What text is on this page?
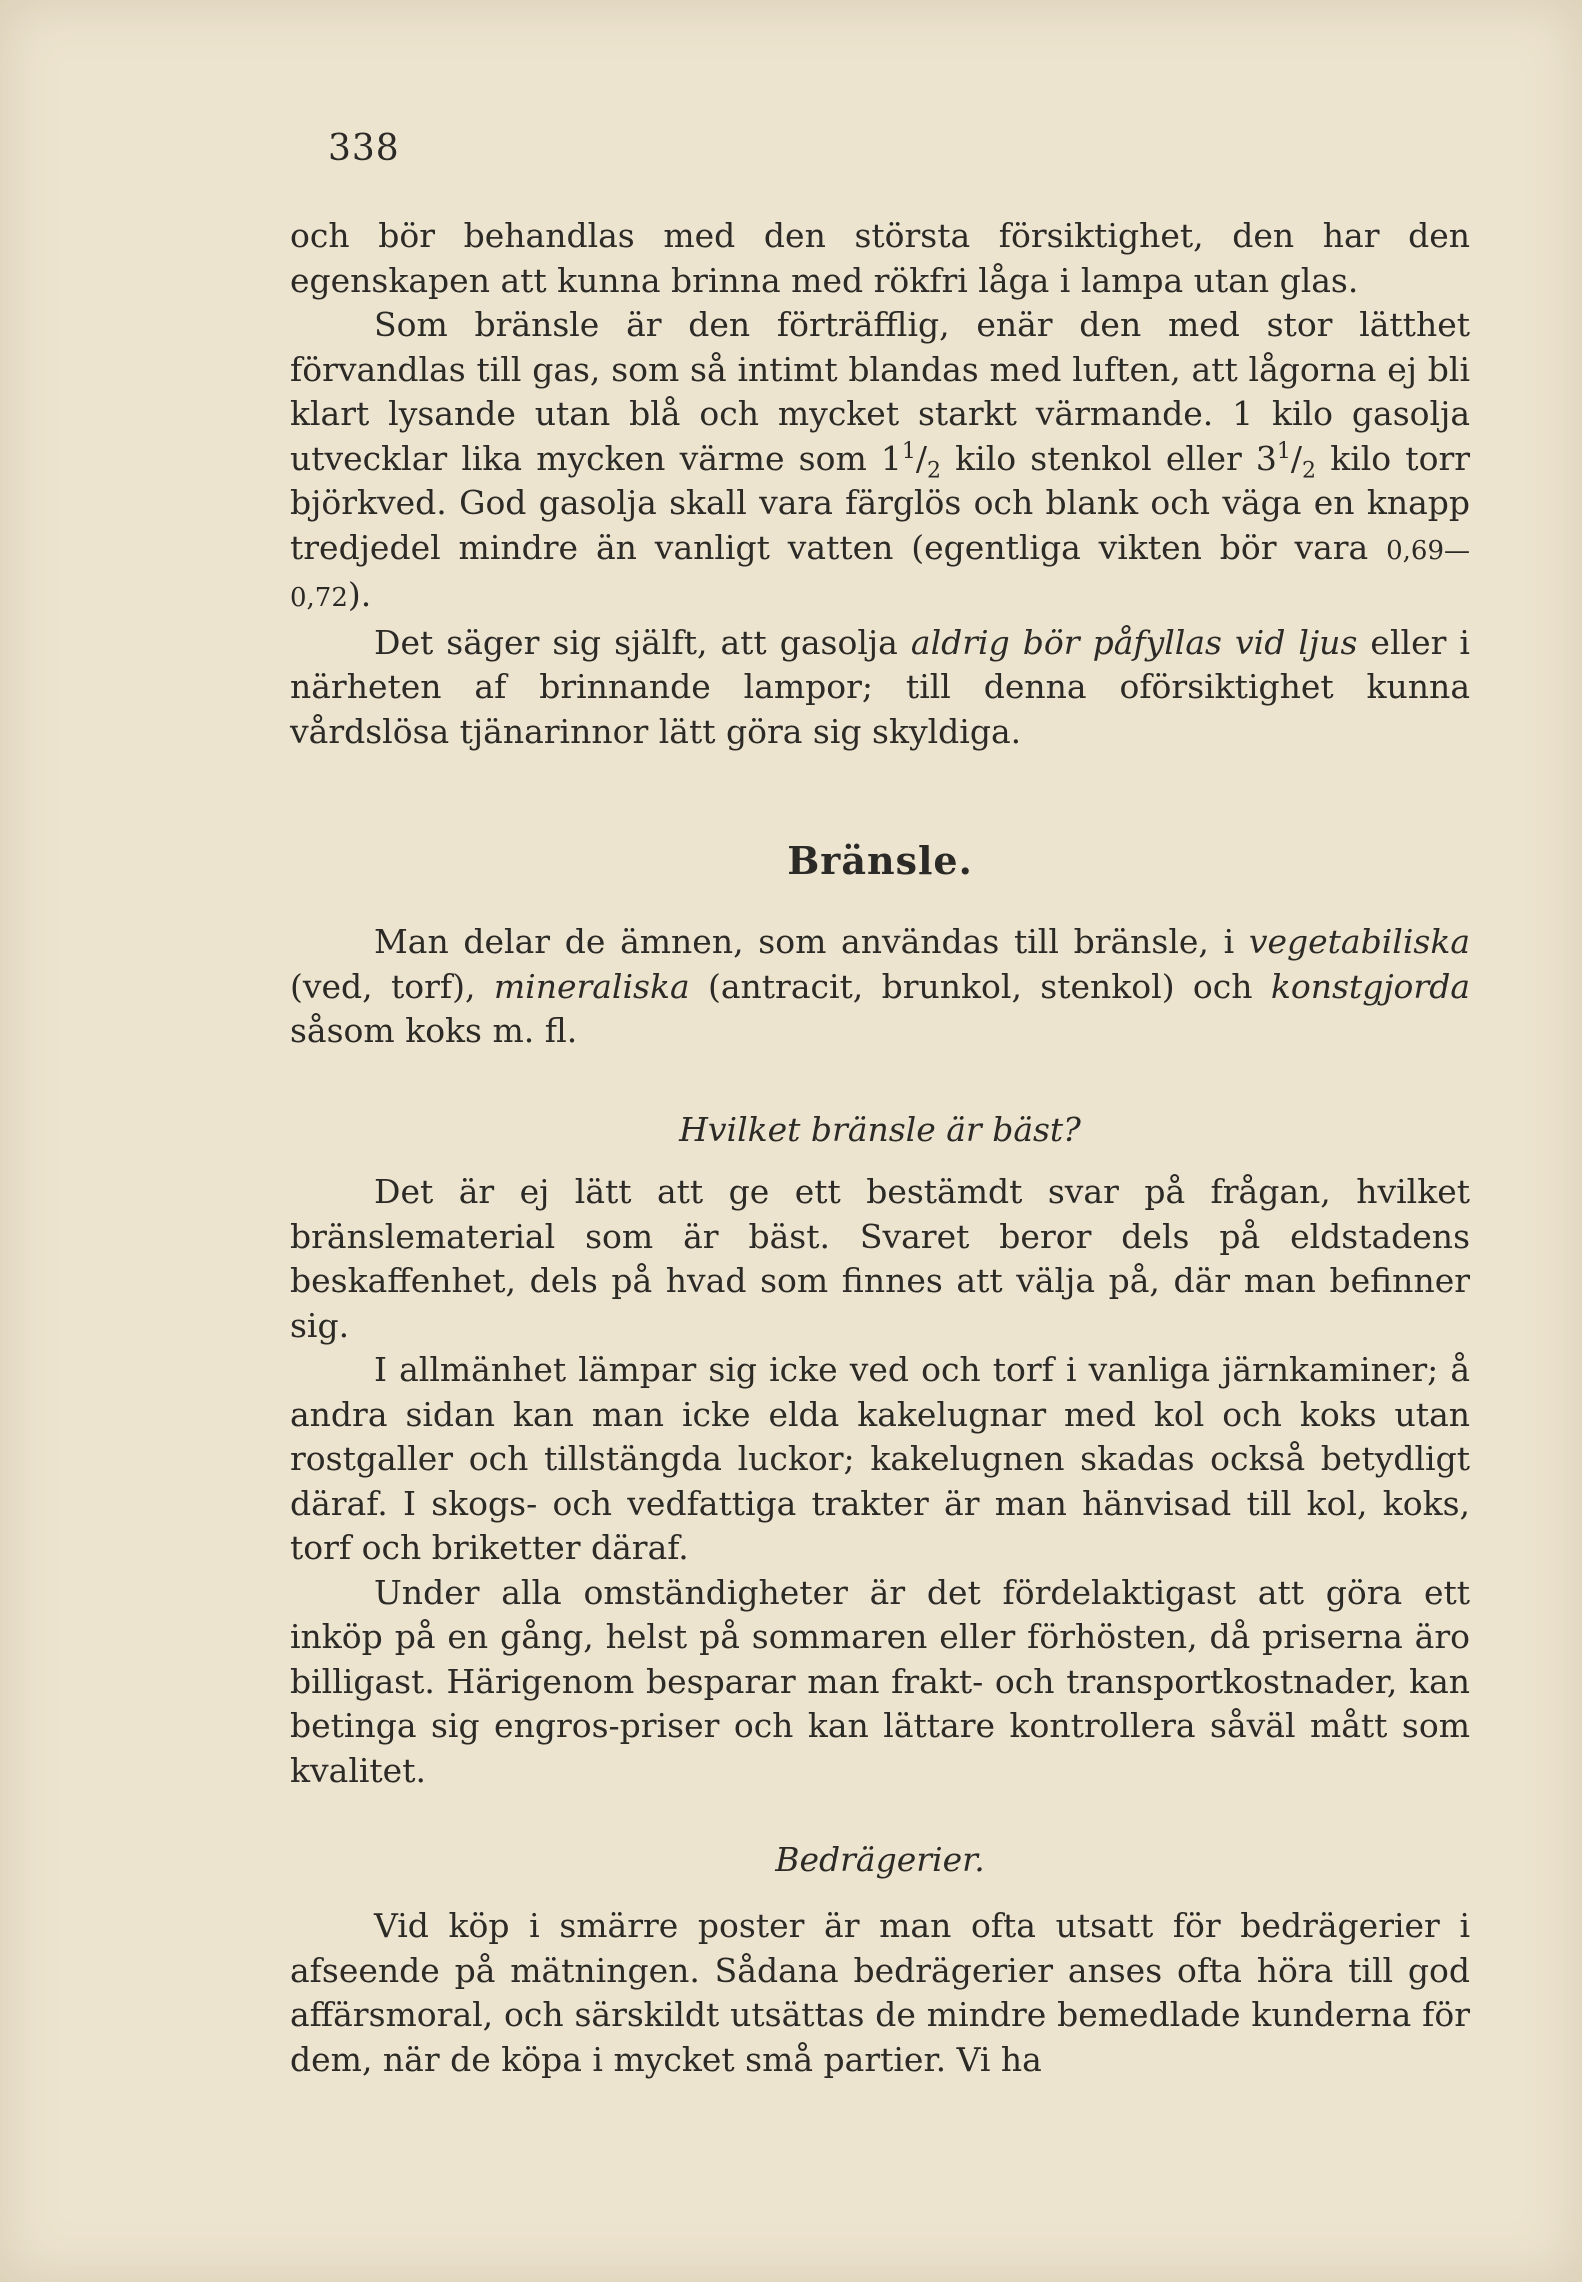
338

och bör behandlas med den största försiktighet, den har den egenskapen att kunna brinna med rökfri låga i lampa utan glas.

Som bränsle är den förträfflig, enär den med stor lätthet förvandlas till gas, som så intimt blandas med luften, att lågorna ej bli klart lysande utan blå och mycket starkt värmande. 1 kilo gasolja utvecklar lika mycken värme som $1^1/_2$ kilo stenkol eller $3^1/_2$ kilo torr björkved. God gasolja skall vara färglös och blank och väga en knapp tredjedel mindre än vanligt vatten (egentliga vikten bör vara 0,69—0,72).

Det säger sig själft, att gasolja aldrig bör påfyllas vid ljus eller i närheten af brinnande lampor; till denna oförsiktighet kunna vårdslösa tjänarinnor lätt göra sig skyldiga.

Bränsle.

Man delar de ämnen, som användas till bränsle, i vegetabiliska (ved, torf), mineraliska (antracit, brunkol, stenkol) och konstgjorda såsom koks m. fl.

Hvilket bränsle är bäst?

Det är ej lätt att ge ett bestämdt svar på frågan, hvilket bränslematerial som är bäst. Svaret beror dels på eldstadens beskaffenhet, dels på hvad som finnes att välja på, där man befinner sig.

I allmänhet lämpar sig icke ved och torf i vanliga järnkaminer; å andra sidan kan man icke elda kakelugnar med kol och koks utan rostgaller och tillstängda luckor; kakelugnen skadas också betydligt däraf. I skogs- och vedfattiga trakter är man hänvisad till kol, koks, torf och briketter däraf.

Under alla omständigheter är det fördelaktigast att göra ett inköp på en gång, helst på sommaren eller förhösten, då priserna äro billigast. Härigenom besparar man frakt- och transportkostnader, kan betinga sig engros-priser och kan lättare kontrollera såväl mått som kvalitet.

Bedrägerier.

Vid köp i smärre poster är man ofta utsatt för bedrägerier i afseende på mätningen. Sådana bedrägerier anses ofta höra till god affärsmoral, och särskildt utsättas de mindre bemedlade kunderna för dem, när de köpa i mycket små partier. Vi ha
